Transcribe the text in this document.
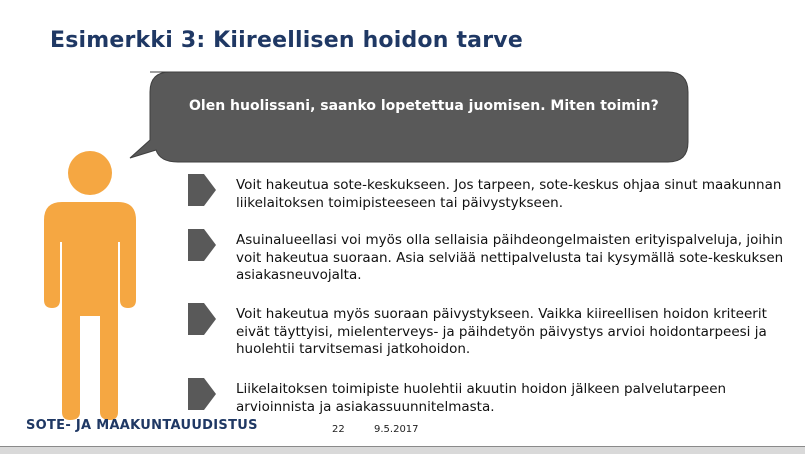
Esimerkki 3: Kiireellisen hoidon tarve
Olen huolissani, saanko lopetettua juomisen. Miten toimin?
Voit hakeutua sote-keskukseen. Jos tarpeen, sote-keskus ohjaa sinut maakunnan liikelaitoksen toimipisteeseen tai päivystykseen.
Asuinalueellasi voi myös olla sellaisia päihdeongelmaisten erityispalveluja, joihin voit hakeutua suoraan. Asia selviää nettipalvelusta tai kysymällä sote-keskuksen asiakasneuvojalta.
Voit hakeutua myös suoraan päivystykseen. Vaikka kiireellisen hoidon kriteerit eivät täyttyisi, mielenterveys- ja päihdetyön päivystys arvioi hoidontarpeesi ja huolehtii tarvitsemasi jatkohoidon.
Liikelaitoksen toimipiste huolehtii akuutin hoidon jälkeen palvelutarpeen arvioinnista ja asiakassuunnitelmasta.
SOTE- JA MAAKUNTAUUDISTUS	22	9.5.2017
